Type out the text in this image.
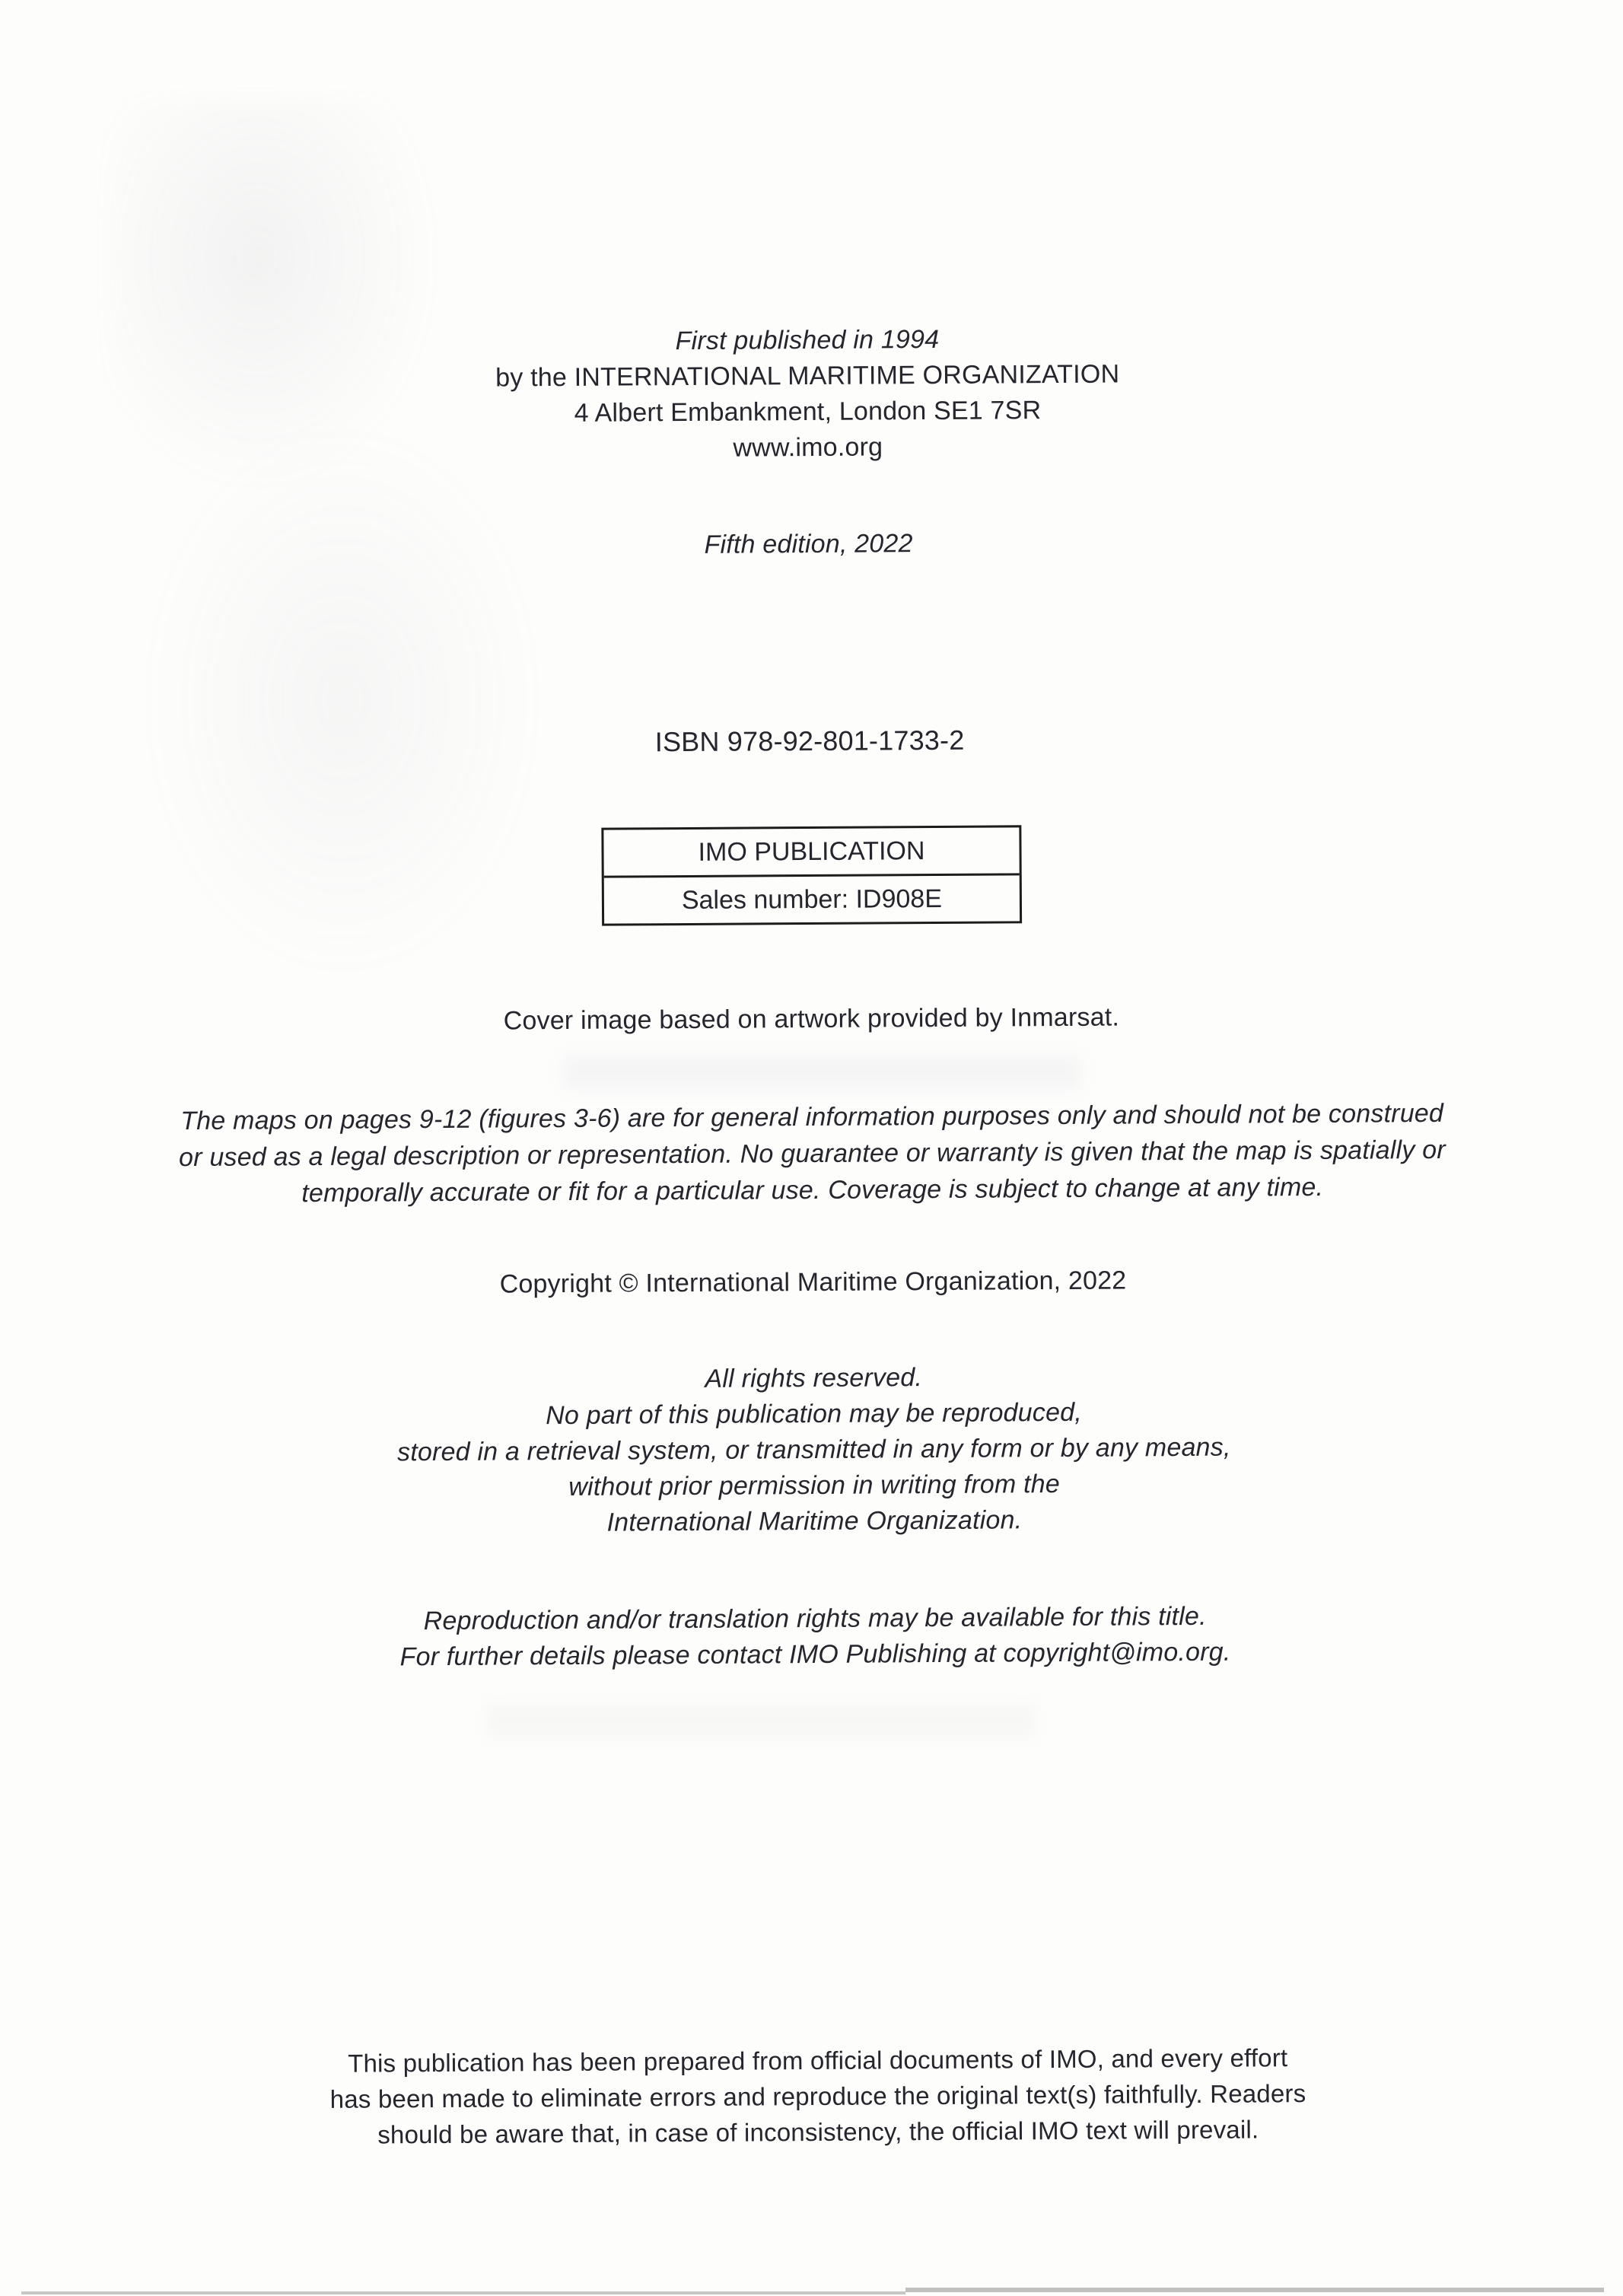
First published in 1994
by the INTERNATIONAL MARITIME ORGANIZATION
4 Albert Embankment, London SE1 7SR
www.imo.org
Fifth edition, 2022
ISBN 978-92-801-1733-2
IMO PUBLICATION
Sales number: ID908E
Cover image based on artwork provided by Inmarsat.
The maps on pages 9-12 (figures 3-6) are for general information purposes only and should not be construed
or used as a legal description or representation. No guarantee or warranty is given that the map is spatially or
temporally accurate or fit for a particular use. Coverage is subject to change at any time.
Copyright © International Maritime Organization, 2022
All rights reserved.
No part of this publication may be reproduced,
stored in a retrieval system, or transmitted in any form or by any means,
without prior permission in writing from the
International Maritime Organization.
Reproduction and/or translation rights may be available for this title.
For further details please contact IMO Publishing at copyright@imo.org.
This publication has been prepared from official documents of IMO, and every effort
has been made to eliminate errors and reproduce the original text(s) faithfully. Readers
should be aware that, in case of inconsistency, the official IMO text will prevail.
